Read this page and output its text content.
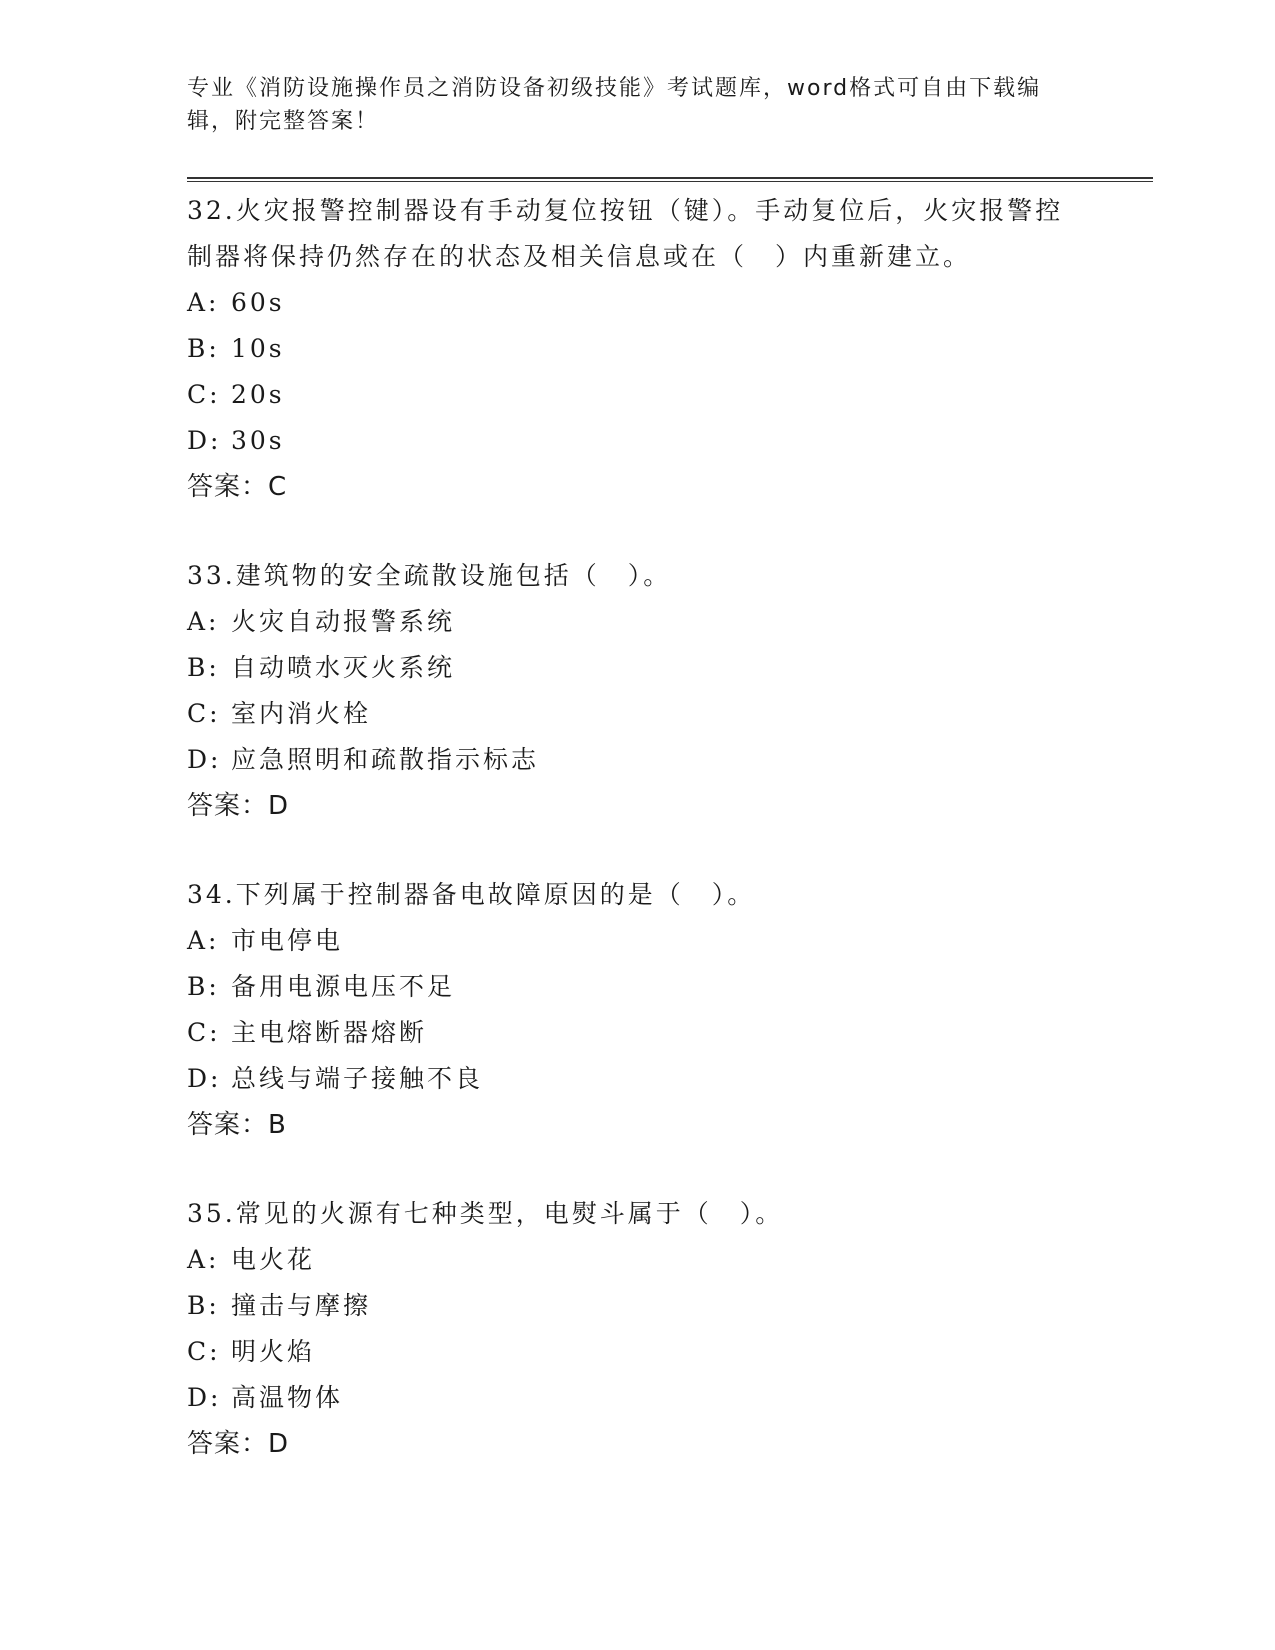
专业《消防设施操作员之消防设备初级技能》考试题库，word格式可自由下载编辑，附完整答案！

32.火灾报警控制器设有手动复位按钮（键）。手动复位后，火灾报警控制器将保持仍然存在的状态及相关信息或在（　）内重新建立。

A: 60s

B: 10s

C: 20s

D: 30s

答案：C

33.建筑物的安全疏散设施包括（　）。

A: 火灾自动报警系统

B: 自动喷水灭火系统

C: 室内消火栓

D: 应急照明和疏散指示标志

答案：D

34.下列属于控制器备电故障原因的是（　）。

A: 市电停电

B: 备用电源电压不足

C: 主电熔断器熔断

D: 总线与端子接触不良

答案：B

35.常见的火源有七种类型，电熨斗属于（　）。

A: 电火花

B: 撞击与摩擦

C: 明火焰

D: 高温物体

答案：D
